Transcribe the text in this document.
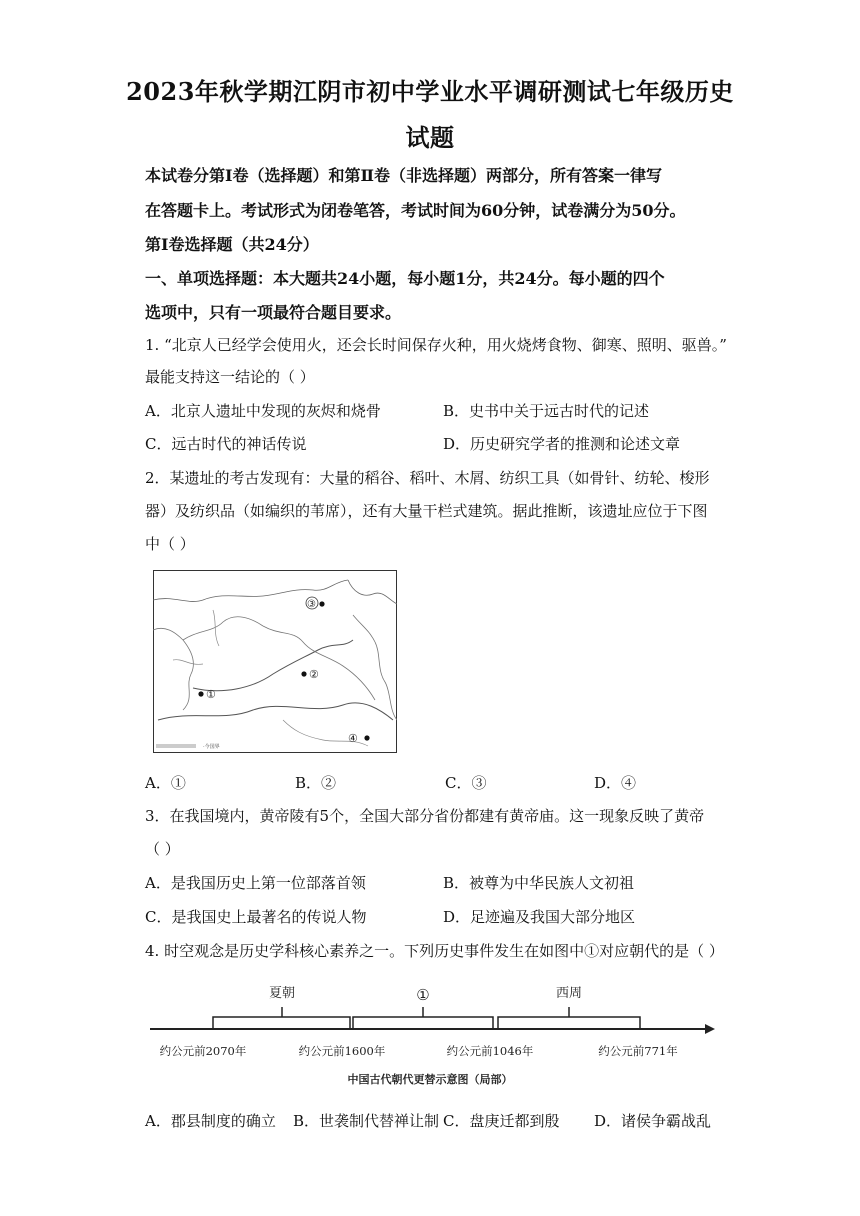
2023年秋学期江阴市初中学业水平调研测试七年级历史
试题
本试卷分第Ⅰ卷（选择题）和第Ⅱ卷（非选择题）两部分，所有答案一律写
在答题卡上。考试形式为闭卷笔答，考试时间为60分钟，试卷满分为50分。
第Ⅰ卷选择题（共24分）
一、单项选择题：本大题共24小题，每小题1分，共24分。每小题的四个
选项中，只有一项最符合题目要求。
1. “北京人已经学会使用火，还会长时间保存火种，用火烧烤食物、御寒、照明、驱兽。”
最能支持这一结论的（ ）
A．北京人遗址中发现的灰烬和烧骨	B．史书中关于远古时代的记述
C．远古时代的神话传说	D．历史研究学者的推测和论述文章
2．某遗址的考古发现有：大量的稻谷、稻叶、木屑、纺织工具（如骨针、纺轮、梭形
器）及纺织品（如编织的苇席），还有大量干栏式建筑。据此推断，该遗址应位于下图
中（ ）
·今国界
③
②
①
④
A．①	B．②	C．③	D．④
3．在我国境内，黄帝陵有5个，全国大部分省份都建有黄帝庙。这一现象反映了黄帝
（ ）
A．是我国历史上第一位部落首领	B．被尊为中华民族人文初祖
C．是我国史上最著名的传说人物	D．足迹遍及我国大部分地区
4. 时空观念是历史学科核心素养之一。下列历史事件发生在如图中①对应朝代的是（ ）
夏朝	①	西周
约公元前2070年	约公元前1600年	约公元前1046年	约公元前771年
中国古代朝代更替示意图（局部）
A．郡县制度的确立 B．世袭制代替禅让制 C．盘庚迁都到殷 D．诸侯争霸战乱
